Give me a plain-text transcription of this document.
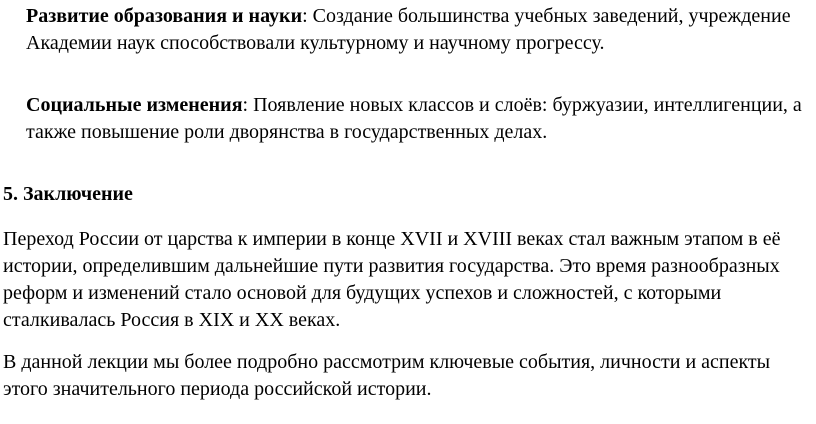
Развитие образования и науки: Создание большинства учебных заведений, учреждение Академии наук способствовали культурному и научному прогрессу.

Социальные изменения: Появление новых классов и слоёв: буржуазии, интеллигенции, а также повышение роли дворянства в государственных делах.

5. Заключение

Переход России от царства к империи в конце XVII и XVIII веках стал важным этапом в её истории, определившим дальнейшие пути развития государства. Это время разнообразных реформ и изменений стало основой для будущих успехов и сложностей, с которыми сталкивалась Россия в XIX и XX веках.

В данной лекции мы более подробно рассмотрим ключевые события, личности и аспекты этого значительного периода российской истории.
